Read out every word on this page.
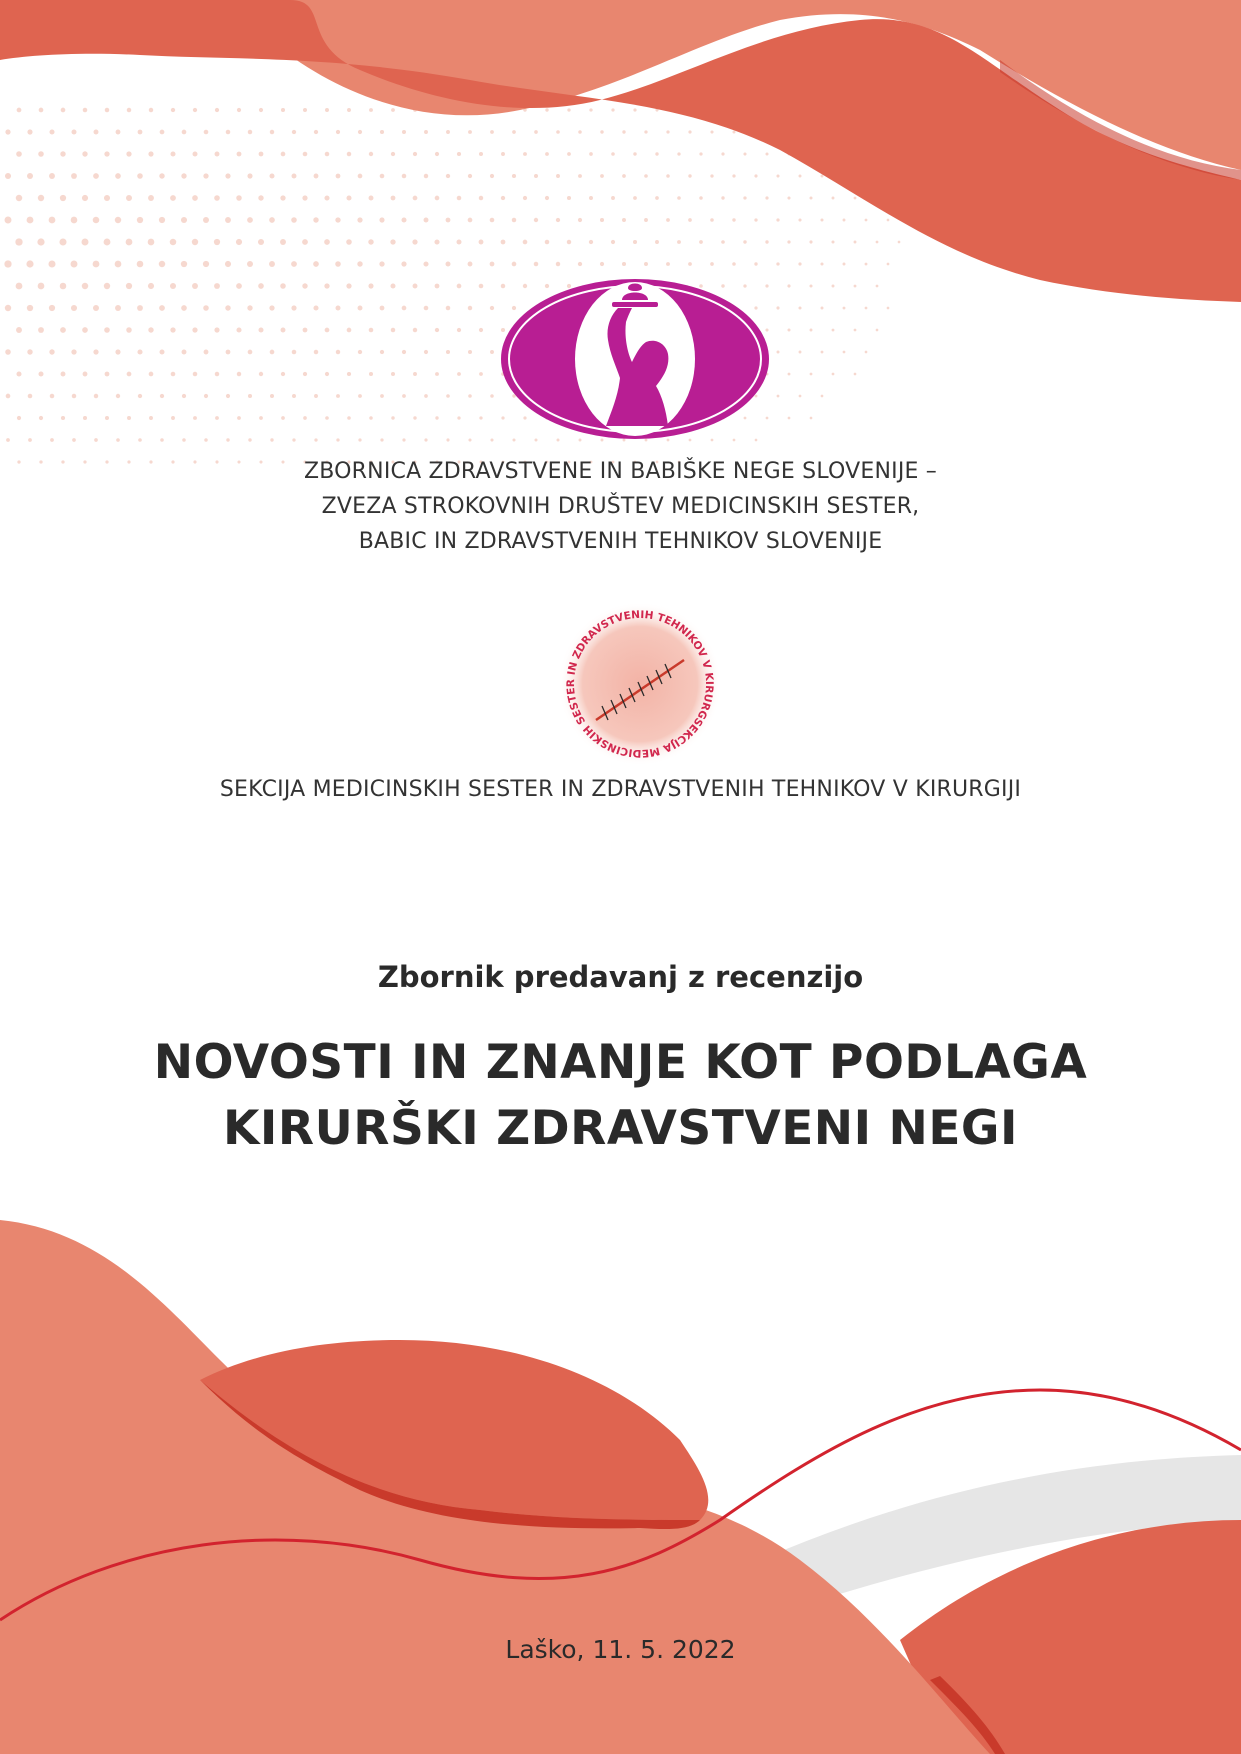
ZBORNICA ZDRAVSTVENE IN BABIŠKE NEGE SLOVENIJE –
ZVEZA STROKOVNIH DRUŠTEV MEDICINSKIH SESTER,
BABIC IN ZDRAVSTVENIH TEHNIKOV SLOVENIJE
SEKCIJA MEDICINSKIH SESTER IN ZDRAVSTVENIH TEHNIKOV V KIRURGIJI
SEKCIJA MEDICINSKIH SESTER IN ZDRAVSTVENIH TEHNIKOV V KIRURGIJI
Zbornik predavanj z recenzijo
NOVOSTI IN ZNANJE KOT PODLAGA
KIRURŠKI ZDRAVSTVENI NEGI
Laško, 11. 5. 2022
